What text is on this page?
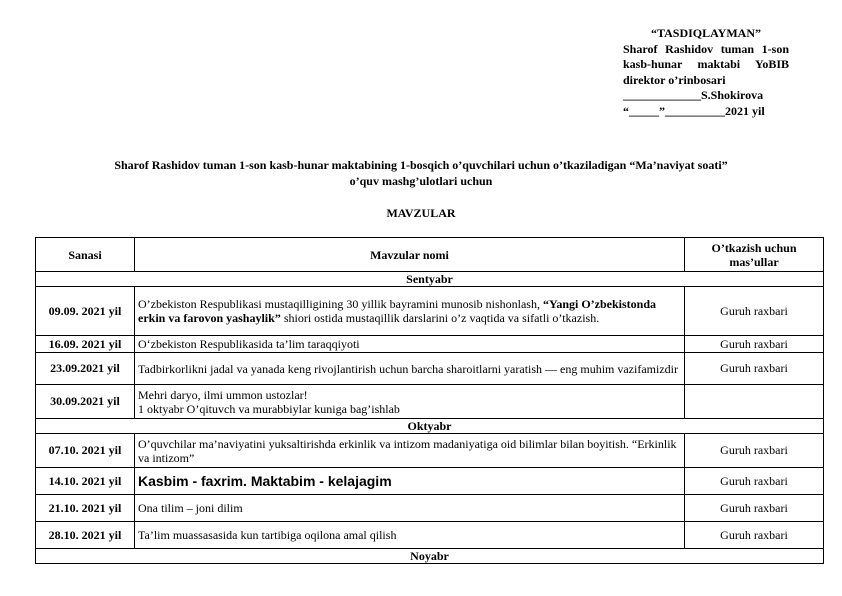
“TASDIQLAYMAN”
Sharof Rashidov tuman 1-son
kasb-hunar maktabi YoBIB
direktor o’rinbosari
_____________S.Shokirova
“_____”__________2021 yil
Sharof Rashidov tuman 1-son kasb-hunar maktabining 1-bosqich o’quvchilari uchun o’tkaziladigan “Ma’naviyat soati”
o’quv mashg’ulotlari uchun
MAVZULAR
Sanasi	Mavzular nomi	O’tkazish uchun mas’ullar
Sentyabr		
09.09. 2021 yil	O’zbekiston Respublikasi mustaqilligining 30 yillik bayramini munosib nishonlash, “Yangi O’zbekistonda erkin va farovon yashaylik” shiori ostida mustaqillik darslarini o’z vaqtida va sifatli o’tkazish.	Guruh raxbari
16.09. 2021 yil	O‘zbekiston Respublikasida ta’lim taraqqiyoti	Guruh raxbari
23.09.2021 yil	Tadbirkorlikni jadal va yanada keng rivojlantirish uchun barcha sharoitlarni yaratish — eng muhim vazifamizdir	Guruh raxbari
30.09.2021 yil	Mehri daryo, ilmi ummon ustozlar!
1 oktyabr O’qituvch va murabbiylar kuniga bag’ishlab	

Oktyabr		
07.10. 2021 yil	O’quvchilar ma’naviyatini yuksaltirishda erkinlik va intizom madaniyatiga oid bilimlar bilan boyitish. “Erkinlik va intizom”	Guruh raxbari
14.10. 2021 yil	Kasbim - faxrim. Maktabim - kelajagim	Guruh raxbari
21.10. 2021 yil	Ona tilim – joni dilim	Guruh raxbari
28.10. 2021 yil	Ta’lim muassasasida kun tartibiga oqilona amal qilish	Guruh raxbari
Noyabr		
